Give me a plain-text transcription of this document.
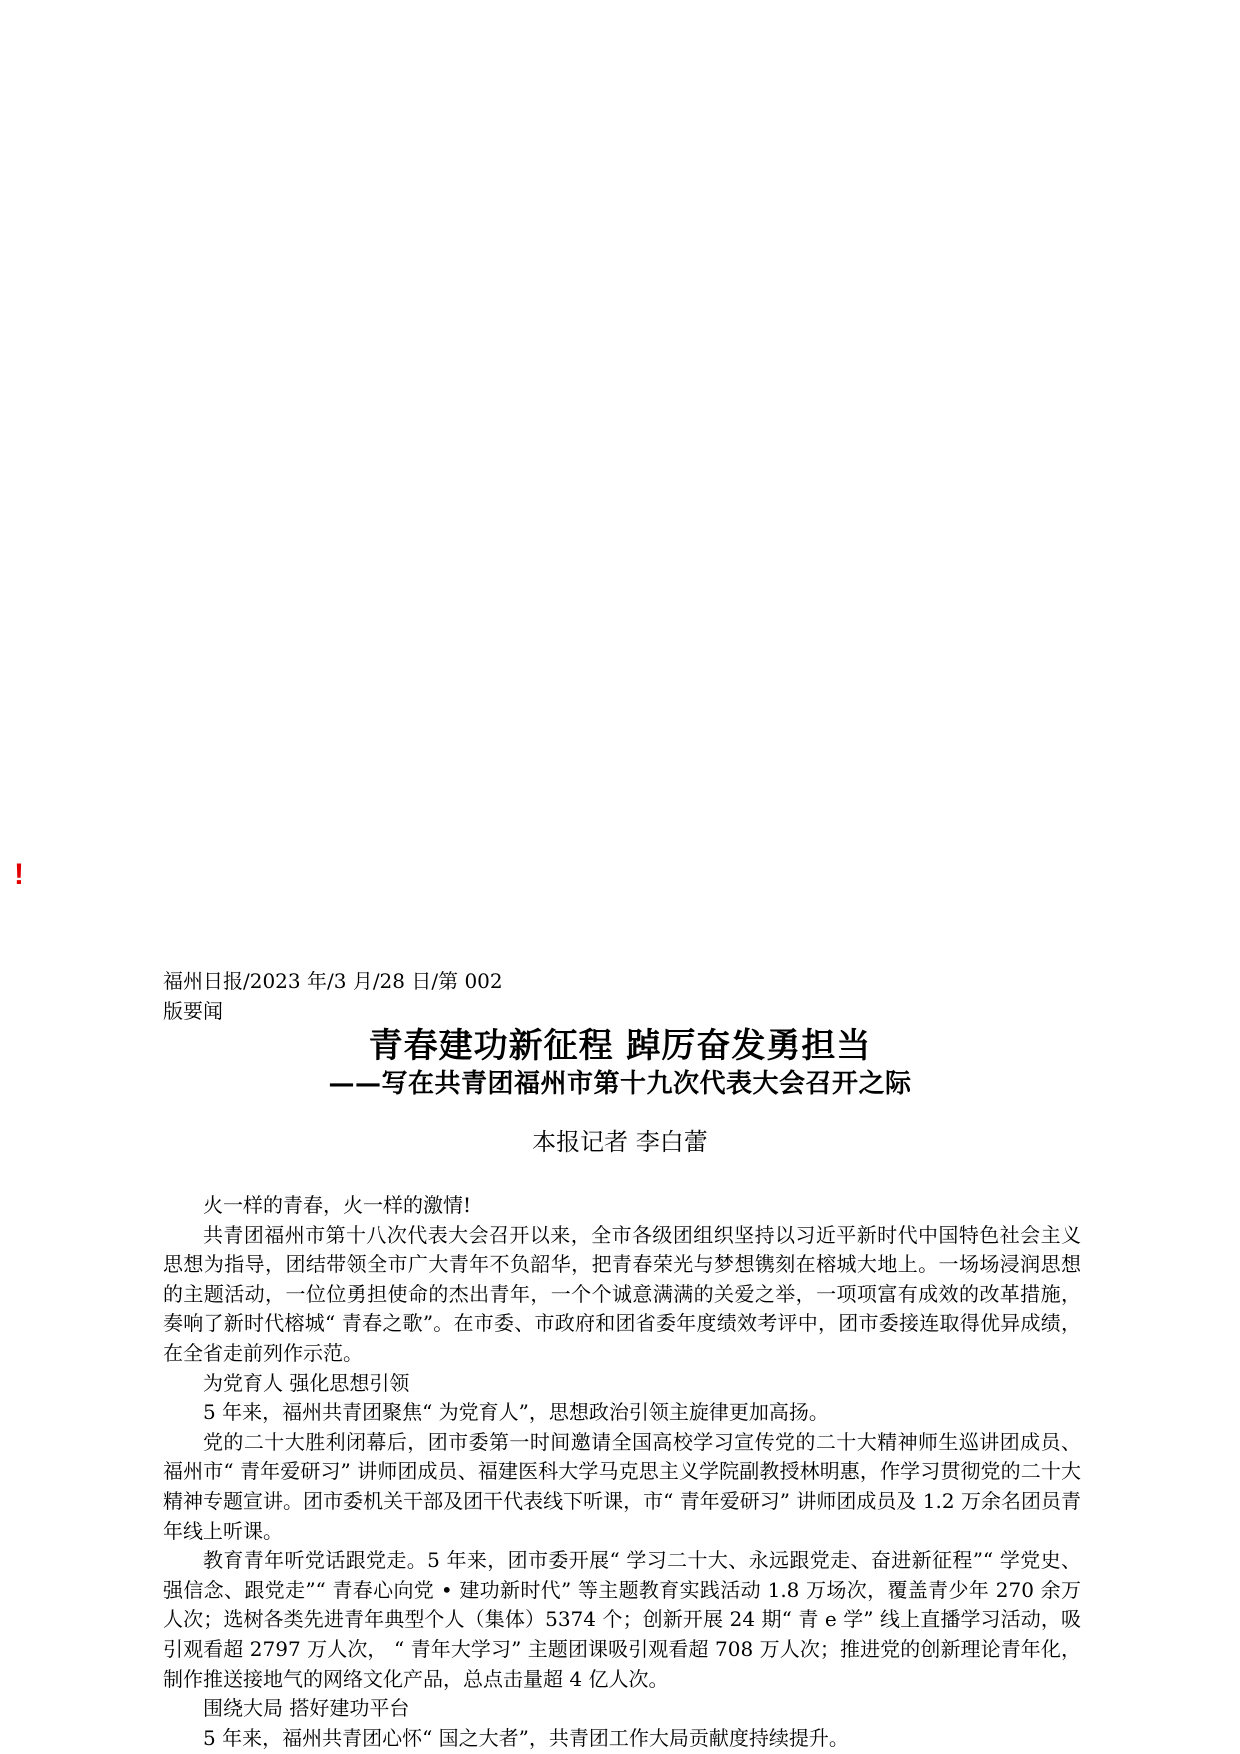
!
福州日报/2023 年/3 月/28 日/第 002 版要闻
青春建功新征程 踔厉奋发勇担当
——写在共青团福州市第十九次代表大会召开之际
本报记者 李白蕾

火一样的青春，火一样的激情!

共青团福州市第十八次代表大会召开以来，全市各级团组织坚持以习近平新时代中国特色社会主义思想为指导，团结带领全市广大青年不负韶华，把青春荣光与梦想镌刻在榕城大地上。一场场浸润思想的主题活动，一位位勇担使命的杰出青年，一个个诚意满满的关爱之举，一项项富有成效的改革措施，奏响了新时代榕城“ 青春之歌”。在市委、市政府和团省委年度绩效考评中，团市委接连取得优异成绩，在全省走前列作示范。

为党育人 强化思想引领

5 年来，福州共青团聚焦“ 为党育人”，思想政治引领主旋律更加高扬。

党的二十大胜利闭幕后，团市委第一时间邀请全国高校学习宣传党的二十大精神师生巡讲团成员、福州市“ 青年爱研习” 讲师团成员、福建医科大学马克思主义学院副教授林明惠，作学习贯彻党的二十大精神专题宣讲。团市委机关干部及团干代表线下听课，市“ 青年爱研习” 讲师团成员及 1.2 万余名团员青年线上听课。

教育青年听党话跟党走。5 年来，团市委开展“ 学习二十大、永远跟党走、奋进新征程”“ 学党史、强信念、跟党走”“ 青春心向党 • 建功新时代” 等主题教育实践活动 1.8 万场次，覆盖青少年 270 余万人次；选树各类先进青年典型个人（集体）5374 个；创新开展 24 期“ 青 e 学” 线上直播学习活动，吸引观看超 2797 万人次， “ 青年大学习” 主题团课吸引观看超 708 万人次；推进党的创新理论青年化，制作推送接地气的网络文化产品，总点击量超 4 亿人次。

围绕大局 搭好建功平台

5 年来，福州共青团心怀“ 国之大者”，共青团工作大局贡献度持续提升。
